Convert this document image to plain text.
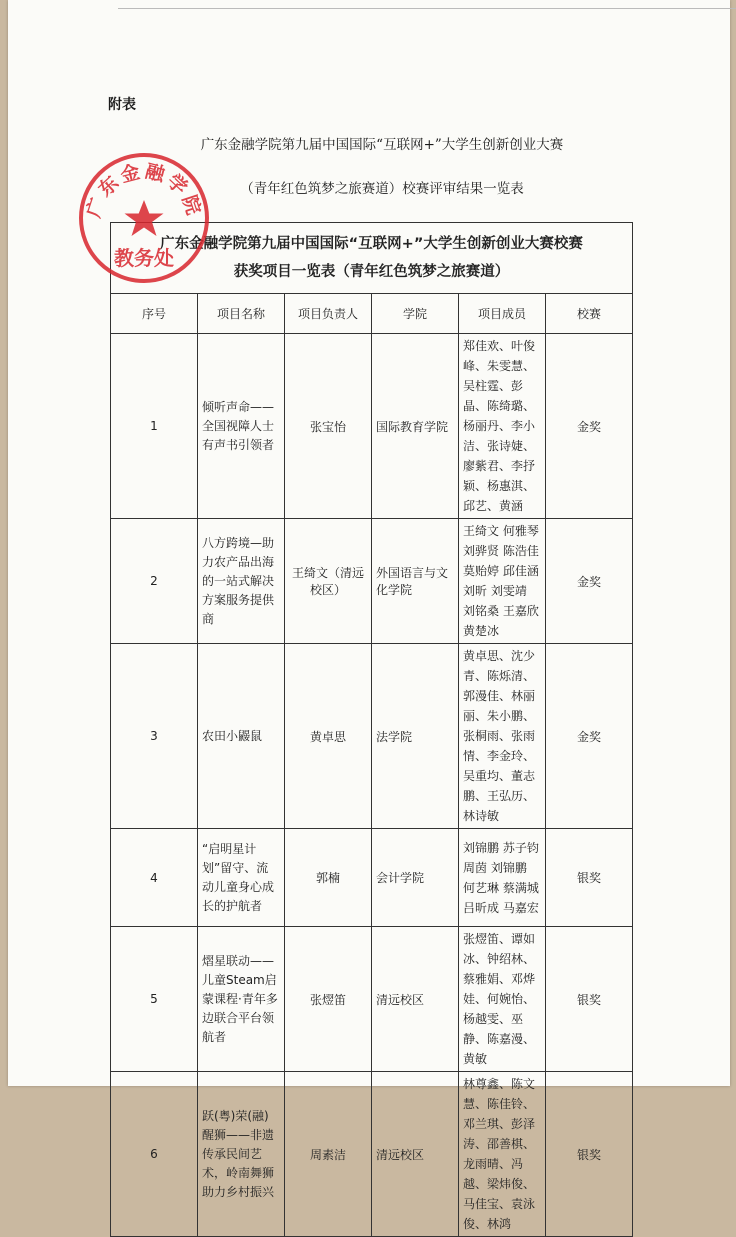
附表
广东金融学院第九届中国国际“互联网+”大学生创新创业大赛
（青年红色筑梦之旅赛道）校赛评审结果一览表
广东金融学院第九届中国国际“互联网+”大学生创新创业大赛校赛
获奖项目一览表（青年红色筑梦之旅赛道）					

序号	项目名称	项目负责人	学院	项目成员	校赛
1	倾听声命——全国视障人士有声书引领者	张宝怡	国际教育学院	郑佳欢、叶俊峰、朱雯慧、吴柱霆、彭晶、陈绮璐、杨丽丹、李小洁、张诗婕、廖紫君、李抒颖、杨惠淇、邱艺、黄涵	金奖
2	八方跨境—助力农产品出海的一站式解决方案服务提供商	王绮文（清远校区）	外国语言与文化学院	王绮文 何雅琴 刘骅贤 陈浩佳 莫贻婷 邱佳涵 刘昕 刘雯靖 刘铭桑 王嘉欣 黄楚冰	金奖
3	农田小鼹鼠	黄卓思	法学院	黄卓思、沈少青、陈烁清、郭漫佳、林丽丽、朱小鹏、张桐雨、张雨情、李金玲、吴重均、董志鹏、王弘历、林诗敏	金奖
4	“启明星计划”留守、流动儿童身心成长的护航者	郭楠	会计学院	刘锦鹏 苏子钧 周茵 刘锦鹏 何艺琳 蔡满城 吕昕成 马嘉宏	银奖
5	熠星联动——儿童Steam启蒙课程·青年多边联合平台领航者	张熤笛	清远校区	张熤笛、谭如冰、钟绍林、蔡雅娟、邓烨娃、何婉怡、杨越雯、巫静、陈嘉漫、黄敏	银奖
6	跃(粤)荣(融)醒狮——非遗传承民间艺术，岭南舞狮助力乡村振兴	周素洁	清远校区	林尊鑫、陈文慧、陈佳铃、邓兰琪、彭泽涛、邵善棋、龙雨晴、冯越、梁炜俊、马佳宝、袁泳俊、林鸿	银奖
广东金融学院
教务处
